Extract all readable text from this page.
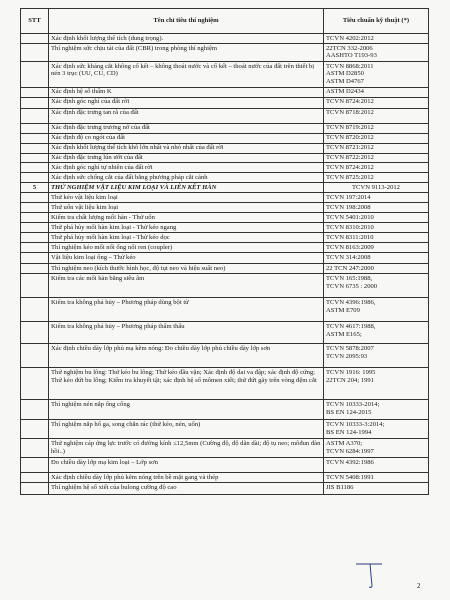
STT	Tên chỉ tiêu thí nghiệm	Tiêu chuẩn kỹ thuật (*)
	Xác định khối lượng thể tích (dung trọng).	TCVN 4202:2012

	Thí nghiệm sức chịu tải của đất (CBR) trong phòng thí nghiệm	22TCN 332-2006
AASHTO T193-93

	Xác định sức kháng cắt không cố kết – không thoát nước và cố kết – thoát nước của đất trên thiết bị nén 3 trục (UU, CU, CD)	TCVN 8868:2011
ASTM D2850
ASTM D4767

	Xác định hệ số thấm K	ASTM D2434

	Xác định góc nghỉ của đất rời	TCVN 8724:2012

	Xác định đặc trưng tan rã của đất	TCVN 8718:2012

	Xác định đặc trưng trương nở của đất	TCVN 8719:2012

	Xác định độ co ngót của đất	TCVN 8720:2012

	Xác định khối lượng thể tích khô lớn nhất và nhỏ nhất của đất rời	TCVN 8721:2012

	Xác định đặc trưng lún ướt của đất	TCVN 8722:2012

	Xác định góc nghỉ tự nhiên của đất rời	TCVN 8724:2012

	Xác định sức chống cắt của đất bằng phương pháp cắt cánh	TCVN 8725:2012

5	THỬ NGHIỆM VẬT LIỆU KIM LOẠI VÀ LIÊN KẾT HÀN	TCVN 9113-2012

	Thử kéo vật liệu kim loại	TCVN 197:2014

	Thử uốn vật liệu kim loại	TCVN 198:2008

	Kiểm tra chất lượng mối hàn - Thử uốn	TCVN 5401:2010

	Thử phá hủy mối hàn kim loại - Thử kéo ngang	TCVN 8310:2010

	Thử phá hủy mối hàn kim loại - Thử kéo dọc	TCVN 8311:2010

	Thí nghiệm kéo mối nối ống nối ren (coupler)	TCVN 8163:2009

	Vật liệu kim loại ống – Thử kéo	TCVN 314:2008

	Thí nghiệm neo (kích thước hình học, độ tụt neo và hiệu suất neo)	22 TCN 247:2000

	Kiểm tra các mối hàn bằng siêu âm	TCVN 165:1988,
TCVN 6735 : 2000

	Kiểm tra không phá hủy – Phương pháp dùng bột từ	TCVN 4396:1986,
ASTM E709

	Kiểm tra không phá hủy – Phương pháp thẩm thấu	TCVN 4617:1988,
ASTM E165;

	Xác định chiều dày lớp phủ mạ kẽm nóng: Đo chiều dày lớp phủ chiều dày lớp sơn	TCVN 5878:2007
TCVN 2095:93

	Thử nghiệm bu lông: Thử kéo bu lông; Thử kéo đầu vặn; Xác định độ dai va đập; xác định độ cứng; Thử kéo đứt bu lông; Kiểm tra khuyết tật; xác định hệ số mômen xiết; thử đứt gãy trên vòng đệm cắt	TCVN 1916: 1995
22TCN 204; 1991

	Thí nghiệm nén nắp ống cống	TCVN 10333-2014;
BS EN 124-2015

	Thí nghiệm nắp hố ga, song chắn rác (thử kéo, nén, uốn)	TCVN 10333-3:2014;
BS EN 124-1994

	Thử nghiệm cáp ứng lực trước có đường kính ≤12,5mm (Cường độ, độ dãn dài; độ tụ neo; môđun đàn hồi..)	ASTM A370;
TCVN 6284:1997

	Đo chiều dày lớp mạ kim loại – Lớp sơn	TCVN 4392:1986

	Xác định chiều dày lớp phủ kẽm nóng trên bề mặt gang và thép	TCVN 5408:1991

	Thí nghiệm hệ số xiết của bulong cường độ cao	JIS B1186
2
